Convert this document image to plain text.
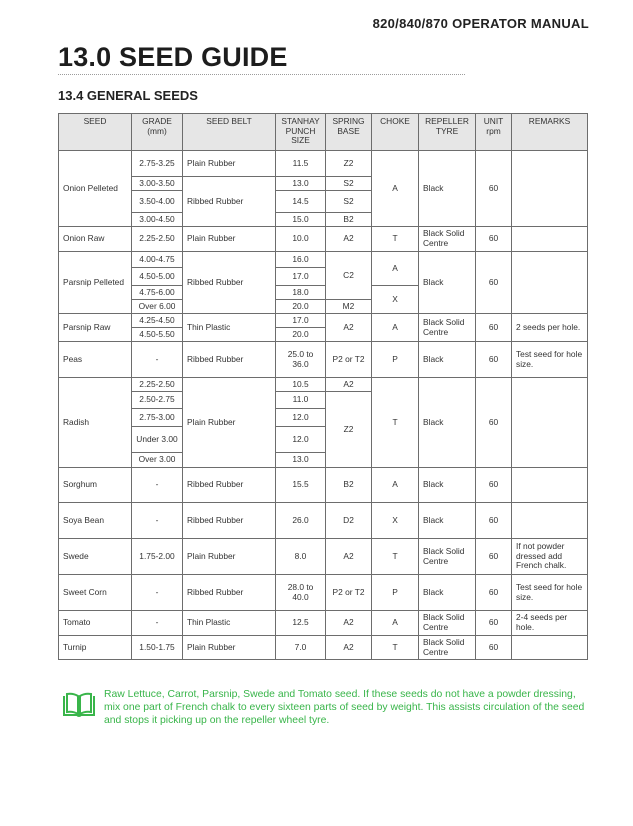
820/840/870 OPERATOR MANUAL
13.0 SEED GUIDE
13.4 GENERAL SEEDS
SEED	GRADE (mm)	SEED BELT	STANHAY PUNCH SIZE	SPRING BASE	CHOKE	REPELLER TYRE	UNIT rpm	REMARKS
Onion Pelleted	2.75-3.25	Plain Rubber	11.5	Z2	A	Black	60	
	3.00-3.50	Ribbed Rubber	13.0	S2				
	3.50-4.00		14.5	S2				
	3.00-4.50		15.0	B2				
Onion Raw	2.25-2.50	Plain Rubber	10.0	A2	T	Black Solid Centre	60	
Parsnip Pelleted	4.00-4.75	Ribbed Rubber	16.0	C2	A	Black	60	
	4.50-5.00		17.0					
	4.75-6.00		18.0		X			
	Over 6.00		20.0	M2				
Parsnip Raw	4.25-4.50	Thin Plastic	17.0	A2	A	Black Solid Centre	60	2 seeds per hole.
	4.50-5.50		20.0					
Peas	-	Ribbed Rubber	25.0 to 36.0	P2 or T2	P	Black	60	Test seed for hole size.
Radish	2.25-2.50	Plain Rubber	10.5	A2	T	Black	60	
	2.50-2.75		11.0	Z2				
	2.75-3.00		12.0					
	Under 3.00		12.0					
	Over 3.00		13.0					
Sorghum	-	Ribbed Rubber	15.5	B2	A	Black	60	
Soya Bean	-	Ribbed Rubber	26.0	D2	X	Black	60	
Swede	1.75-2.00	Plain Rubber	8.0	A2	T	Black Solid Centre	60	If not powder dressed add French chalk.
Sweet Corn	-	Ribbed Rubber	28.0 to 40.0	P2 or T2	P	Black	60	Test seed for hole size.
Tomato	-	Thin Plastic	12.5	A2	A	Black Solid Centre	60	2-4 seeds per hole.
Turnip	1.50-1.75	Plain Rubber	7.0	A2	T	Black Solid Centre	60	
Raw Lettuce, Carrot, Parsnip, Swede and Tomato seed. If these seeds do not have a powder dressing, mix one part of French chalk to every sixteen parts of seed by weight. This assists circulation of the seed and stops it picking up on the repeller wheel tyre.
